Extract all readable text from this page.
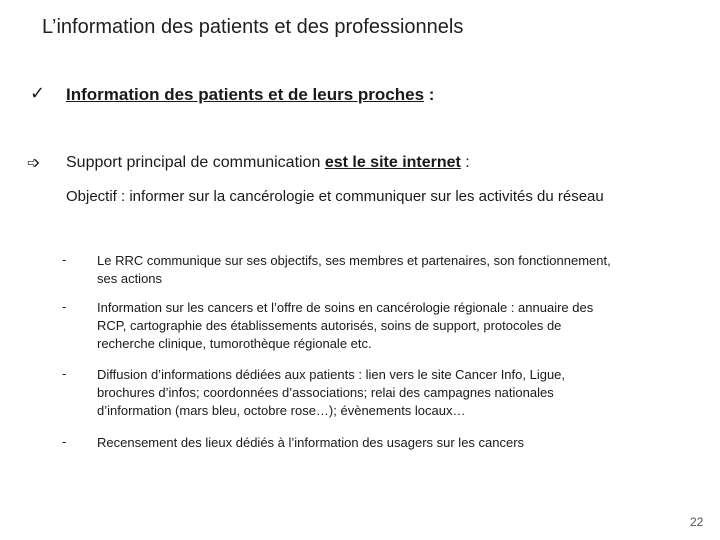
L’information des patients et des professionnels
✓ Information des patients et de leurs proches :
➩ Support principal de communication est le site internet :
Objectif : informer sur la cancérologie et communiquer sur les activités du réseau
- Le RRC communique sur ses objectifs, ses membres et partenaires, son fonctionnement,
ses actions
- Information sur les cancers et l’offre de soins en cancérologie régionale : annuaire des
RCP, cartographie des établissements autorisés, soins de support, protocoles de
recherche clinique, tumorothèque régionale etc.
- Diffusion d’informations dédiées aux patients : lien vers le site Cancer Info, Ligue,
brochures d’infos; coordonnées d’associations; relai des campagnes nationales
d’information (mars bleu, octobre rose…); évènements locaux…
- Recensement des lieux dédiés à l’information des usagers sur les cancers
22
